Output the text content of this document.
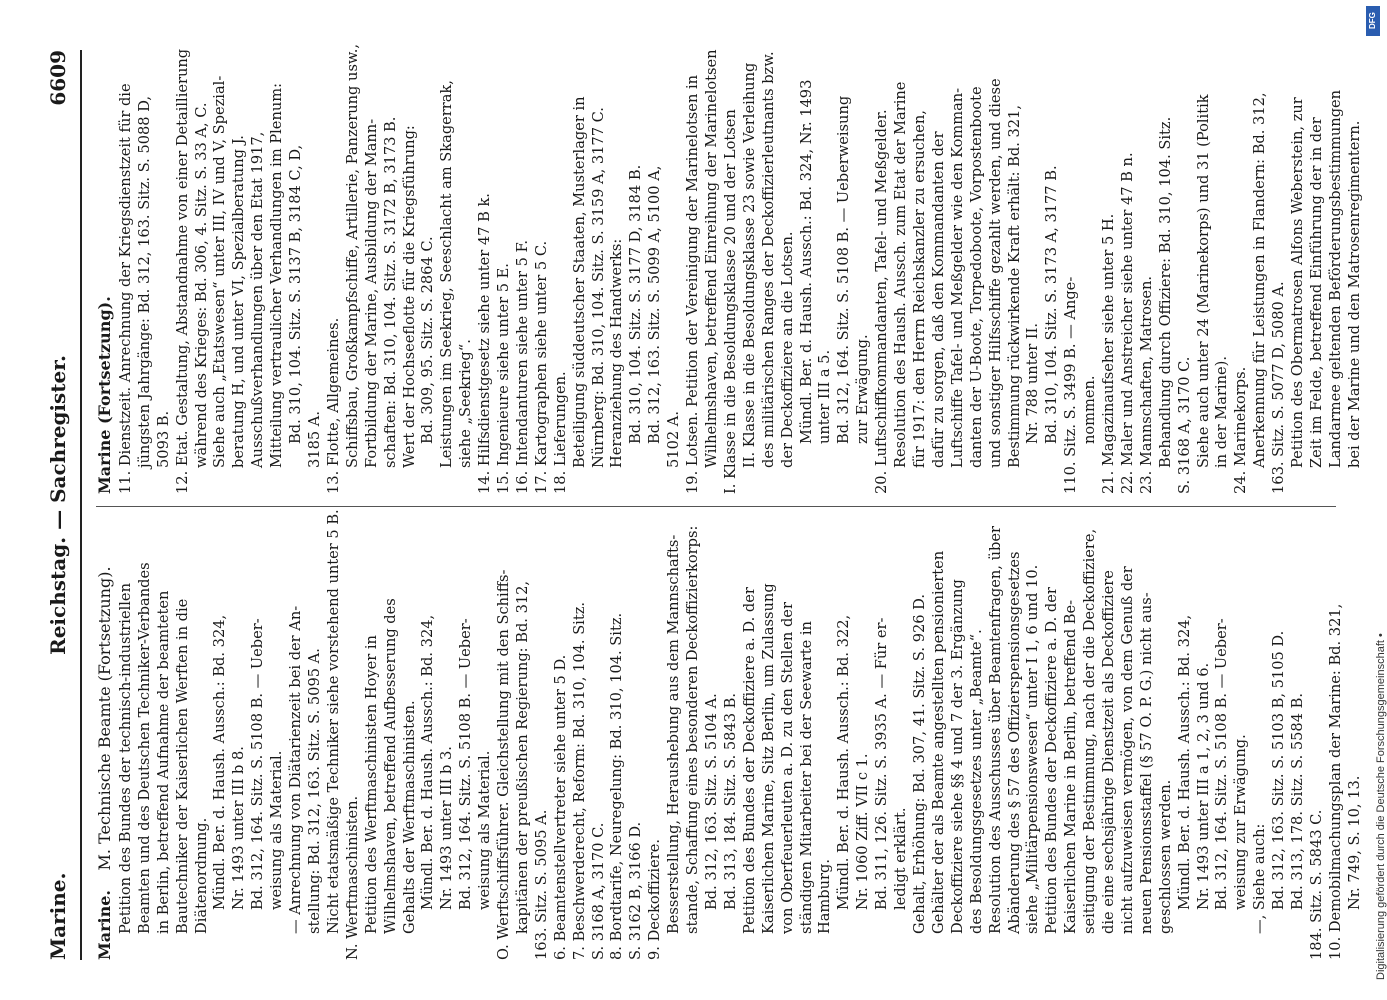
Marine.
Reichstag. — Sachregister.
6609
Marine. M. Technische Beamte (Fortsetzung). Petition des Bundes der technisch-industriellen Beamten und des Deutschen Techniker-Verbandes in Berlin, betreffend Aufnahme der beamteten Bautechniker der Kaiserlichen Werften in die Diätenordnung. Mündl. Ber. d. Haush. Aussch.: Bd. 324, Nr. 1493 unter III b 8. Bd. 312, 164. Sitz. S. 5108 B. — Ueber- weisung als Material. — Anrechnung von Diätarienzeit bei der An- stellung: Bd. 312, 163. Sitz. S. 5095 A. Nicht etatsmäßige Techniker siehe vorstehend unter 5 B. N. Werftmaschinisten. Petition des Werftmaschinisten Hoyer in Wilhelmshaven, betreffend Aufbesserung des Gehalts der Werftmaschinisten. Mündl. Ber. d. Haush. Aussch.: Bd. 324, Nr. 1493 unter III b 3. Bd. 312, 164. Sitz. S. 5108 B. — Ueber- weisung als Material. O. Werftschiffsführer. Gleichstellung mit den Schiffs- kapitänen der preußischen Regierung: Bd. 312, 163. Sitz. S. 5095 A. 6. Beamtenstellvertreter siehe unter 5 D. 7. Beschwerderecht, Reform: Bd. 310, 104. Sitz. S. 3168 A, 3170 C. 8. Bordtarife, Neuregelung: Bd. 310, 104. Sitz. S. 3162 B, 3166 D. 9. Deckoffiziere. Besserstellung, Heraushebung aus dem Mannschafts- stande, Schaffung eines besonderen Deckoffizierkorps: Bd. 312, 163. Sitz. S. 5104 A. Bd. 313, 184. Sitz. S. 5843 B. Petition des Bundes der Deckoffiziere a. D. der Kaiserlichen Marine, Sitz Berlin, um Zulassung von Oberfeuerleuten a. D. zu den Stellen der ständigen Mitarbeiter bei der Seewarte in Hamburg. Mündl. Ber. d. Haush. Aussch.: Bd. 322, Nr. 1060 Ziff. VII c 1. Bd. 311, 126. Sitz. S. 3935 A. — Für er- ledigt erklärt. Gehalt, Erhöhung: Bd. 307, 41. Sitz. S. 926 D. Gehälter der als Beamte angestellten pensionierten Deckoffiziere siehe §§ 4 und 7 der 3. Ergänzung des Besoldungsgesetzes unter „Beamte“. Resolution des Ausschusses über Beamtenfragen, über Abänderung des § 57 des Offizierspensionsgesetzes siehe „Militärpensionswesen“ unter I 1, 6 und 10. Petition des Bundes der Deckoffiziere a. D. der Kaiserlichen Marine in Berlin, betreffend Be- seitigung der Bestimmung, nach der die Deckoffiziere, die eine sechsjährige Dienstzeit als Deckoffiziere nicht aufzuweisen vermögen, von dem Genuß der neuen Pensionsstaffel (§ 57 O. P. G.) nicht aus- geschlossen werden. Mündl. Ber. d. Haush. Aussch.: Bd. 324, Nr. 1493 unter III a 1, 2, 3 und 6. Bd. 312, 164. Sitz. S. 5108 B. — Ueber- weisung zur Erwägung. —, Siehe auch: Bd. 312, 163. Sitz. S. 5103 B, 5105 D. Bd. 313, 178. Sitz. S. 5584 B. 184. Sitz. S. 5843 C. 10. Demobilmachungsplan der Marine: Bd. 321, Nr. 749, S. 10, 13.
Marine (Fortsetzung). 11. Dienstzeit. Anrechnung der Kriegsdienstzeit für die jüngsten Jahrgänge: Bd. 312, 163. Sitz. S. 5088 D, 5093 B. 12. Etat. Gestaltung, Abstandnahme von einer Detaillierung während des Krieges: Bd. 306, 4. Sitz. S. 33 A, C. Siehe auch „Etatswesen“ unter III, IV und V, Spezial- beratung H, und unter VI, Spezialberatung J. Ausschußverhandlungen über den Etat 1917, Mitteilung vertraulicher Verhandlungen im Plenum: Bd. 310, 104. Sitz. S. 3137 B, 3184 C, D, 3185 A. 13. Flotte, Allgemeines. Schiffsbau, Großkampfschiffe, Artillerie, Panzerung usw., Fortbildung der Marine, Ausbildung der Mann- schaften: Bd. 310, 104. Sitz. S. 3172 B, 3173 B. Wert der Hochseeflotte für die Kriegsführung: Bd. 309, 95. Sitz. S. 2864 C. Leistungen im Seekrieg, Seeschlacht am Skagerrak, siehe „Seekrieg“. 14. Hilfsdienstgesetz siehe unter 47 B k. 15. Ingenieure siehe unter 5 E. 16. Intendanturen siehe unter 5 F. 17. Kartographen siehe unter 5 C. 18. Lieferungen. Beteiligung süddeutscher Staaten, Musterlager in Nürnberg: Bd. 310, 104. Sitz. S. 3159 A, 3177 C. Heranziehung des Handwerks: Bd. 310, 104. Sitz. S. 3177 D, 3184 B. Bd. 312, 163. Sitz. S. 5099 A, 5100 A, 5102 A. 19. Lotsen. Petition der Vereinigung der Marinelotsen in Wilhelmshaven, betreffend Einreihung der Marinelotsen I. Klasse in die Besoldungsklasse 20 und der Lotsen II. Klasse in die Besoldungsklasse 23 sowie Verleihung des militärischen Ranges der Deckoffizierleutnants bzw. der Deckoffiziere an die Lotsen. Mündl. Ber. d. Haush. Aussch.: Bd. 324, Nr. 1493 unter III a 5. Bd. 312, 164. Sitz. S. 5108 B. — Ueberweisung zur Erwägung. 20. Luftschiffkommandanten, Tafel- und Meßgelder. Resolution des Haush. Aussch. zum Etat der Marine für 1917: den Herrn Reichskanzler zu ersuchen, dafür zu sorgen, daß den Kommandanten der Luftschiffe Tafel- und Meßgelder wie den Komman- danten der U-Boote, Torpedoboote, Vorpostenboote und sonstiger Hilfsschiffe gezahlt werden, und diese Bestimmung rückwirkende Kraft erhält: Bd. 321, Nr. 788 unter II. Bd. 310, 104. Sitz. S. 3173 A, 3177 B. 110. Sitz. S. 3499 B. — Ange- nommen. 21. Magazinaufseher siehe unter 5 H. 22. Maler und Anstreicher siehe unter 47 B n. 23. Mannschaften, Matrosen. Behandlung durch Offiziere: Bd. 310, 104. Sitz. S. 3168 A, 3170 C. Siehe auch unter 24 (Marinekorps) und 31 (Politik in der Marine). 24. Marinekorps. Anerkennung für Leistungen in Flandern: Bd. 312, 163. Sitz. S. 5077 D, 5080 A. Petition des Obermatrosen Alfons Weberstein, zur Zeit im Felde, betreffend Einführung der in der Landarmee geltenden Beförderungsbestimmungen bei der Marine und den Matrosenregimentern.
Digitalisierung gefördert durch die Deutsche Forschungsgemeinschaft •
DFG
